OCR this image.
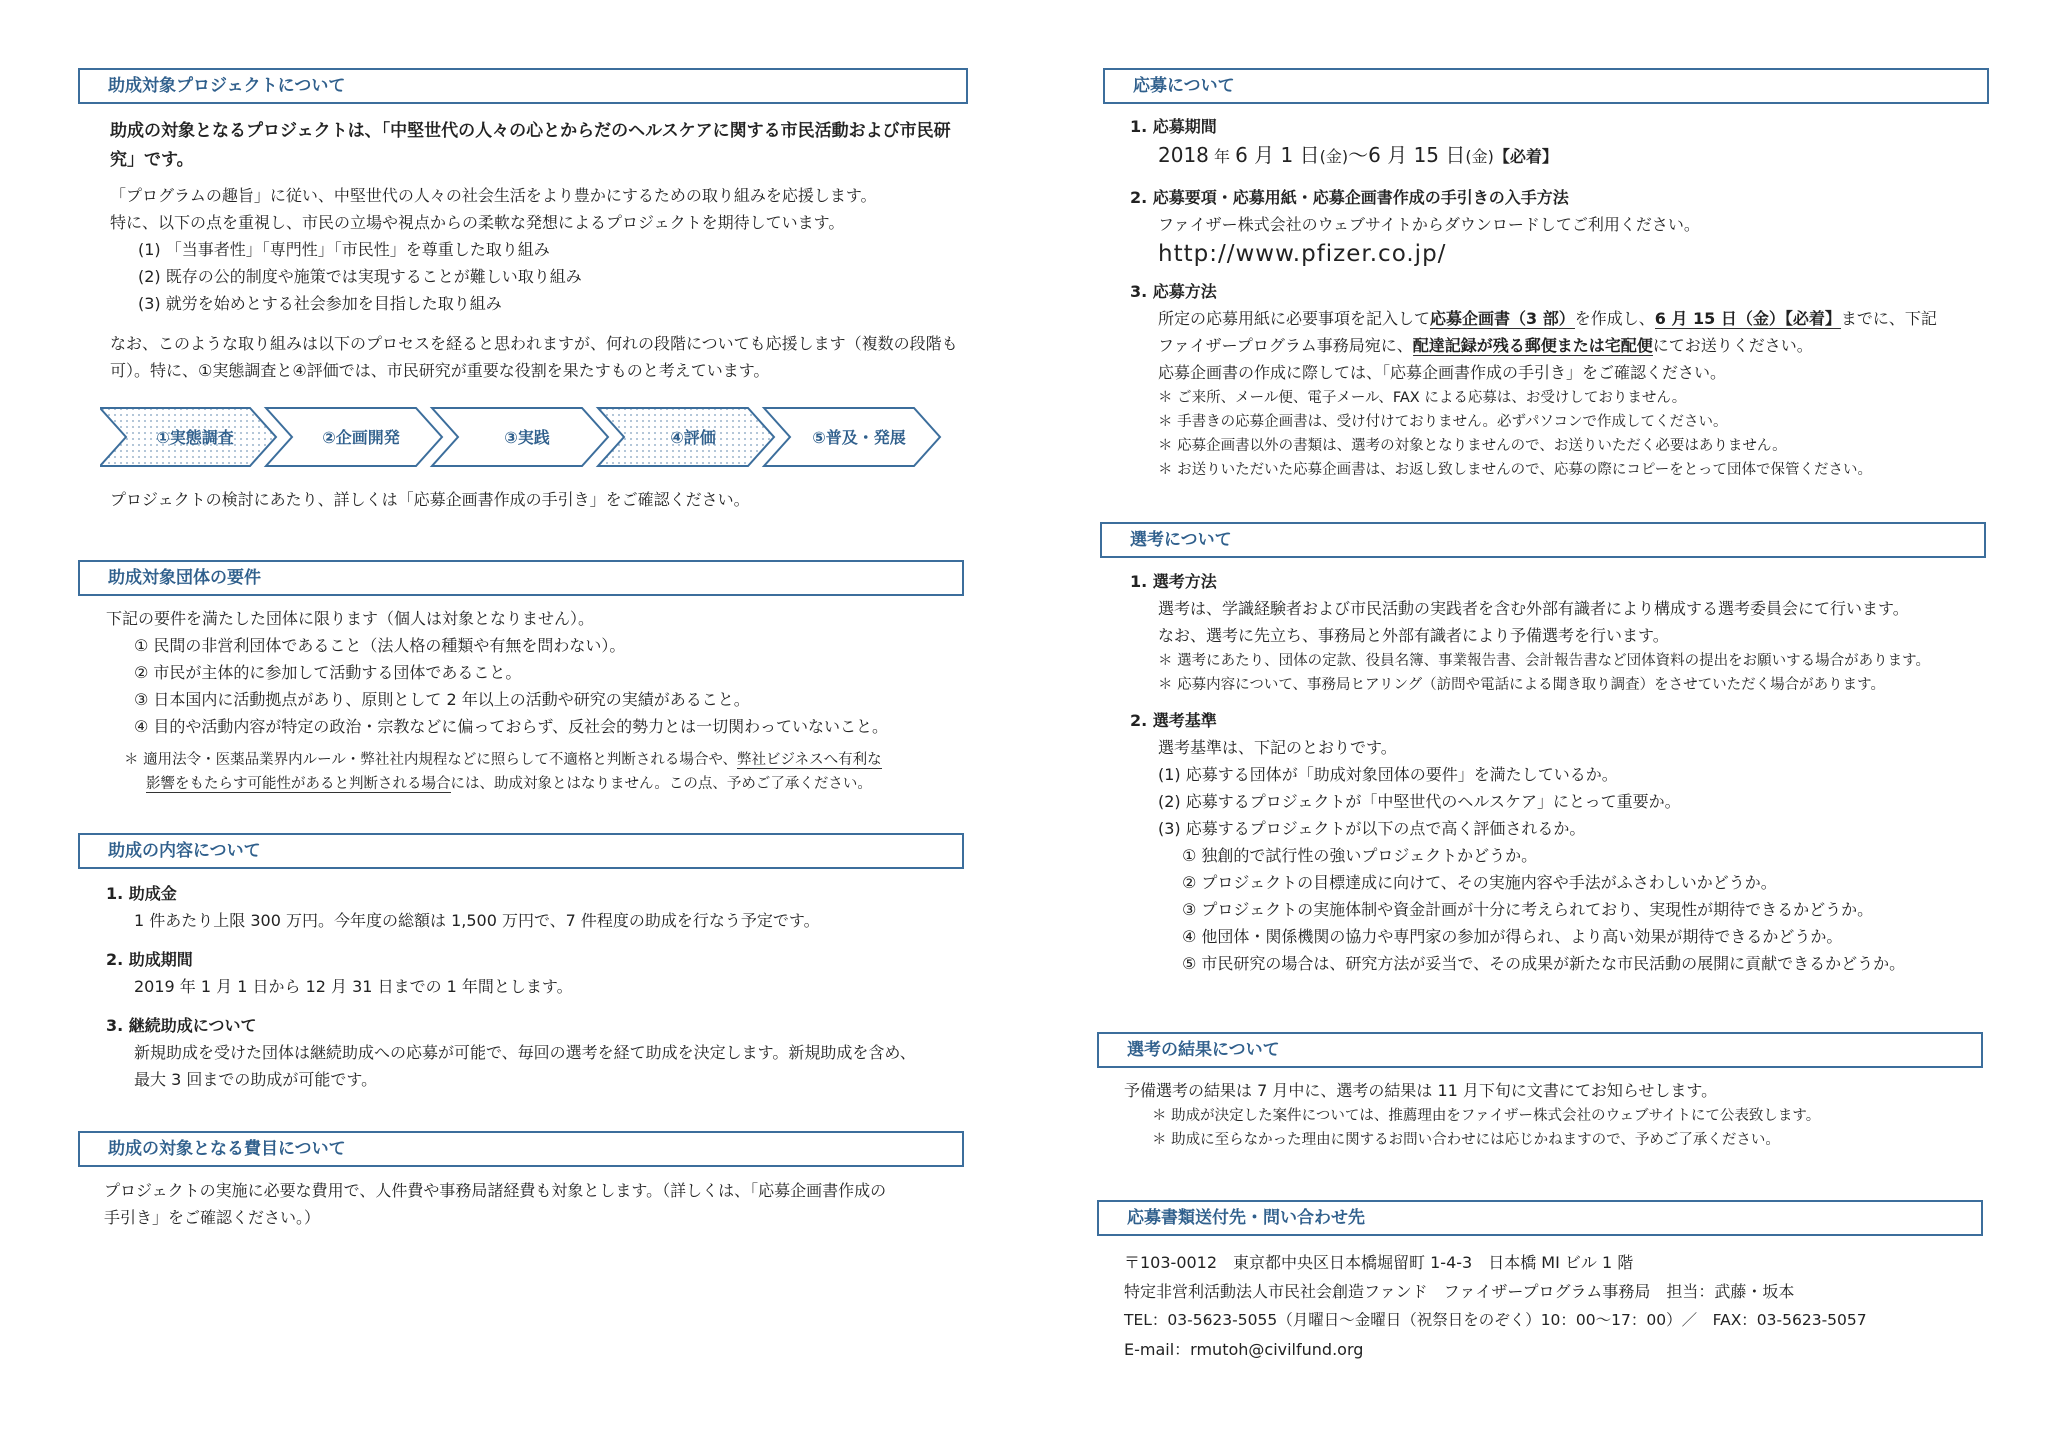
助成対象プロジェクトについて
助成の対象となるプロジェクトは、「中堅世代の人々の心とからだのヘルスケアに関する市民活動および市民研究」です。
「プログラムの趣旨」に従い、中堅世代の人々の社会生活をより豊かにするための取り組みを応援します。
特に、以下の点を重視し、市民の立場や視点からの柔軟な発想によるプロジェクトを期待しています。
(1) 「当事者性」「専門性」「市民性」を尊重した取り組み
(2) 既存の公的制度や施策では実現することが難しい取り組み
(3) 就労を始めとする社会参加を目指した取り組み
なお、このような取り組みは以下のプロセスを経ると思われますが、何れの段階についても応援します（複数の段階も可）。特に、①実態調査と④評価では、市民研究が重要な役割を果たすものと考えています。
①実態調査	②企画開発	③実践	④評価	⑤普及・発展
プロジェクトの検討にあたり、詳しくは「応募企画書作成の手引き」をご確認ください。
助成対象団体の要件
下記の要件を満たした団体に限ります（個人は対象となりません）。
① 民間の非営利団体であること（法人格の種類や有無を問わない）。
② 市民が主体的に参加して活動する団体であること。
③ 日本国内に活動拠点があり、原則として 2 年以上の活動や研究の実績があること。
④ 目的や活動内容が特定の政治・宗教などに偏っておらず、反社会的勢力とは一切関わっていないこと。
＊ 適用法令・医薬品業界内ルール・弊社社内規程などに照らして不適格と判断される場合や、弊社ビジネスへ有利な
影響をもたらす可能性があると判断される場合には、助成対象とはなりません。この点、予めご了承ください。
助成の内容について
1. 助成金
1 件あたり上限 300 万円。今年度の総額は 1,500 万円で、7 件程度の助成を行なう予定です。
2. 助成期間
2019 年 1 月 1 日から 12 月 31 日までの 1 年間とします。
3. 継続助成について
新規助成を受けた団体は継続助成への応募が可能で、毎回の選考を経て助成を決定します。新規助成を含め、
最大 3 回までの助成が可能です。
助成の対象となる費目について
プロジェクトの実施に必要な費用で、人件費や事務局諸経費も対象とします。（詳しくは、「応募企画書作成の
手引き」をご確認ください。）
応募について
1. 応募期間
2018 年 6 月 1 日(金)〜6 月 15 日(金)【必着】
2. 応募要項・応募用紙・応募企画書作成の手引きの入手方法
ファイザー株式会社のウェブサイトからダウンロードしてご利用ください。
http://www.pfizer.co.jp/
3. 応募方法
所定の応募用紙に必要事項を記入して応募企画書（3 部）を作成し、6 月 15 日（金）【必着】までに、下記
ファイザープログラム事務局宛に、配達記録が残る郵便または宅配便にてお送りください。
応募企画書の作成に際しては、「応募企画書作成の手引き」をご確認ください。
＊ ご来所、メール便、電子メール、FAX による応募は、お受けしておりません。
＊ 手書きの応募企画書は、受け付けておりません。必ずパソコンで作成してください。
＊ 応募企画書以外の書類は、選考の対象となりませんので、お送りいただく必要はありません。
＊ お送りいただいた応募企画書は、お返し致しませんので、応募の際にコピーをとって団体で保管ください。
選考について
1. 選考方法
選考は、学識経験者および市民活動の実践者を含む外部有識者により構成する選考委員会にて行います。
なお、選考に先立ち、事務局と外部有識者により予備選考を行います。
＊ 選考にあたり、団体の定款、役員名簿、事業報告書、会計報告書など団体資料の提出をお願いする場合があります。
＊ 応募内容について、事務局ヒアリング（訪問や電話による聞き取り調査）をさせていただく場合があります。
2. 選考基準
選考基準は、下記のとおりです。
(1) 応募する団体が「助成対象団体の要件」を満たしているか。
(2) 応募するプロジェクトが「中堅世代のヘルスケア」にとって重要か。
(3) 応募するプロジェクトが以下の点で高く評価されるか。
① 独創的で試行性の強いプロジェクトかどうか。
② プロジェクトの目標達成に向けて、その実施内容や手法がふさわしいかどうか。
③ プロジェクトの実施体制や資金計画が十分に考えられており、実現性が期待できるかどうか。
④ 他団体・関係機関の協力や専門家の参加が得られ、より高い効果が期待できるかどうか。
⑤ 市民研究の場合は、研究方法が妥当で、その成果が新たな市民活動の展開に貢献できるかどうか。
選考の結果について
予備選考の結果は 7 月中に、選考の結果は 11 月下旬に文書にてお知らせします。
＊ 助成が決定した案件については、推薦理由をファイザー株式会社のウェブサイトにて公表致します。
＊ 助成に至らなかった理由に関するお問い合わせには応じかねますので、予めご了承ください。
応募書類送付先・問い合わせ先
〒103-0012　東京都中央区日本橋堀留町 1-4-3　日本橋 MI ビル 1 階
特定非営利活動法人市民社会創造ファンド　ファイザープログラム事務局　担当：武藤・坂本
TEL：03-5623-5055（月曜日〜金曜日（祝祭日をのぞく）10：00〜17：00）／　FAX：03-5623-5057
E-mail：rmutoh@civilfund.org
